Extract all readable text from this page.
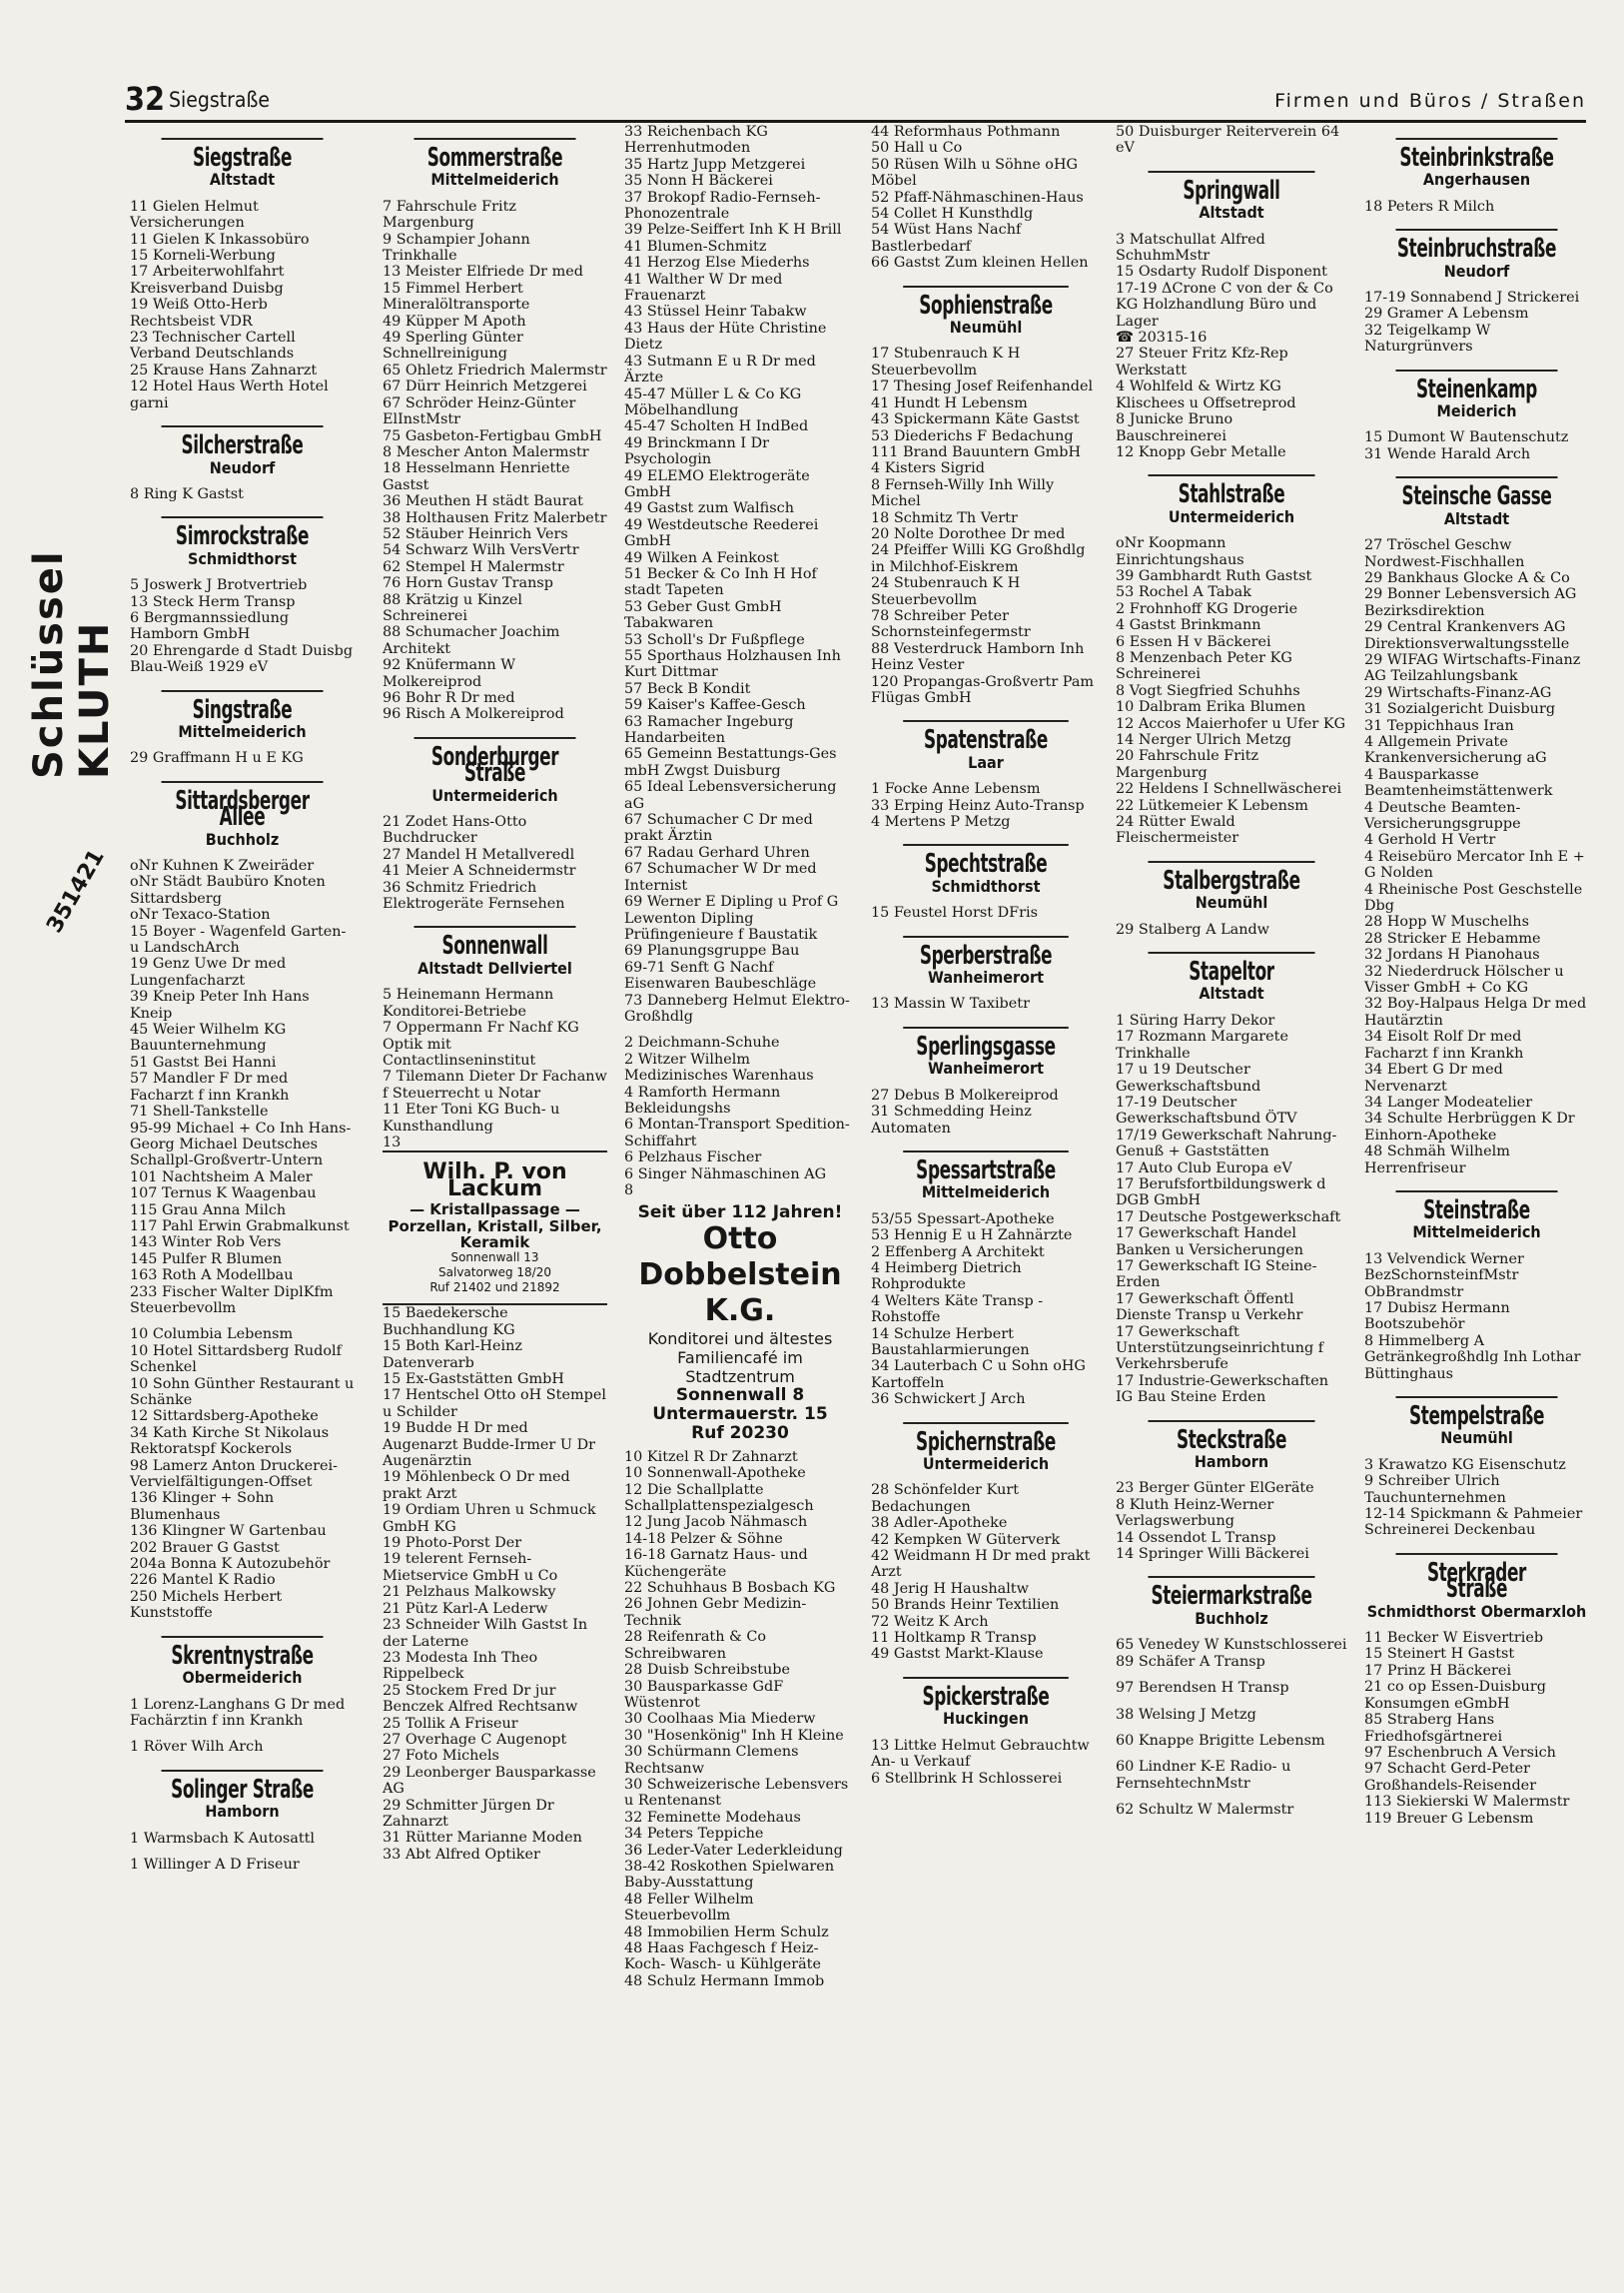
32 Siegstraße	Firmen und Büros / Straßen
Schlüssel KLUTH
351421
Siegstraße
Altstadt
11 Gielen Helmut Versicherungen
11 Gielen K Inkassobüro
15 Korneli-Werbung
17 Arbeiterwohlfahrt Kreisverband Duisbg
19 Weiß Otto-Herb Rechtsbeist VDR
23 Technischer Cartell Verband Deutschlands
25 Krause Hans Zahnarzt
12 Hotel Haus Werth Hotel garni
Silcherstraße
Neudorf
8 Ring K Gastst
Simrockstraße
Schmidthorst
5 Joswerk J Brotvertrieb
13 Steck Herm Transp
6 Bergmannssiedlung Hamborn GmbH
20 Ehrengarde d Stadt Duisbg Blau-Weiß 1929 eV
Singstraße
Mittelmeiderich
29 Graffmann H u E KG
Sittardsberger Allee
Buchholz
oNr Kuhnen K Zweiräder
oNr Städt Baubüro Knoten Sittardsberg
oNr Texaco-Station
15 Boyer - Wagenfeld Garten- u LandschArch
19 Genz Uwe Dr med Lungenfacharzt
39 Kneip Peter Inh Hans Kneip
45 Weier Wilhelm KG Bauunternehmung
51 Gastst Bei Hanni
57 Mandler F Dr med Facharzt f inn Krankh
71 Shell-Tankstelle
95-99 Michael + Co Inh Hans-Georg Michael Deutsches Schallpl-Großvertr-Untern
101 Nachtsheim A Maler
107 Ternus K Waagenbau
115 Grau Anna Milch
117 Pahl Erwin Grabmalkunst
143 Winter Rob Vers
145 Pulfer R Blumen
163 Roth A Modellbau
233 Fischer Walter DiplKfm Steuerbevollm
10 Columbia Lebensm
10 Hotel Sittardsberg Rudolf Schenkel
10 Sohn Günther Restaurant u Schänke
12 Sittardsberg-Apotheke
34 Kath Kirche St Nikolaus Rektoratspf Kockerols
98 Lamerz Anton Druckerei-Vervielfältigungen-Offset
136 Klinger + Sohn Blumenhaus
136 Klingner W Gartenbau
202 Brauer G Gastst
204a Bonna K Autozubehör
226 Mantel K Radio
250 Michels Herbert Kunststoffe
Skrentnystraße
Obermeiderich
1 Lorenz-Langhans G Dr med Fachärztin f inn Krankh
1 Röver Wilh Arch
Solinger Straße
Hamborn
1 Warmsbach K Autosattl
1 Willinger A D Friseur
Sommerstraße
Mittelmeiderich
7 Fahrschule Fritz Margenburg
9 Schampier Johann Trinkhalle
13 Meister Elfriede Dr med
15 Fimmel Herbert Mineralöltransporte
49 Küpper M Apoth
49 Sperling Günter Schnellreinigung
65 Ohletz Friedrich Malermstr
67 Dürr Heinrich Metzgerei
67 Schröder Heinz-Günter ElInstMstr
75 Gasbeton-Fertigbau GmbH
8 Mescher Anton Malermstr
18 Hesselmann Henriette Gastst
36 Meuthen H städt Baurat
38 Holthausen Fritz Malerbetr
52 Stäuber Heinrich Vers
54 Schwarz Wilh VersVertr
62 Stempel H Malermstr
76 Horn Gustav Transp
88 Krätzig u Kinzel Schreinerei
88 Schumacher Joachim Architekt
92 Knüfermann W Molkereiprod
96 Bohr R Dr med
96 Risch A Molkereiprod
Sonderburger Straße
Untermeiderich
21 Zodet Hans-Otto Buchdrucker
27 Mandel H Metallveredl
41 Meier A Schneidermstr
36 Schmitz Friedrich Elektrogeräte Fernsehen
Sonnenwall
Altstadt Dellviertel
5 Heinemann Hermann Konditorei-Betriebe
7 Oppermann Fr Nachf KG Optik mit Contactlinseninstitut
7 Tilemann Dieter Dr Fachanw f Steuerrecht u Notar
11 Eter Toni KG Buch- u Kunsthandlung
13
Wilh. P. von Lackum
— Kristallpassage —
Porzellan, Kristall, Silber, Keramik
Sonnenwall 13
Salvatorweg 18/20
Ruf 21402 und 21892
15 Baedekersche Buchhandlung KG
15 Both Karl-Heinz Datenverarb
15 Ex-Gaststätten GmbH
17 Hentschel Otto oH Stempel u Schilder
19 Budde H Dr med Augenarzt Budde-Irmer U Dr Augenärztin
19 Möhlenbeck O Dr med prakt Arzt
19 Ordiam Uhren u Schmuck GmbH KG
19 Photo-Porst Der
19 telerent Fernseh-Mietservice GmbH u Co
21 Pelzhaus Malkowsky
21 Pütz Karl-A Lederw
23 Schneider Wilh Gastst In der Laterne
23 Modesta Inh Theo Rippelbeck
25 Stockem Fred Dr jur Benczek Alfred Rechtsanw
25 Tollik A Friseur
27 Overhage C Augenopt
27 Foto Michels
29 Leonberger Bausparkasse AG
29 Schmitter Jürgen Dr Zahnarzt
31 Rütter Marianne Moden
33 Abt Alfred Optiker
33 Reichenbach KG Herrenhutmoden
35 Hartz Jupp Metzgerei
35 Nonn H Bäckerei
37 Brokopf Radio-Fernseh-Phonozentrale
39 Pelze-Seiffert Inh K H Brill
41 Blumen-Schmitz
41 Herzog Else Miederhs
41 Walther W Dr med Frauenarzt
43 Stüssel Heinr Tabakw
43 Haus der Hüte Christine Dietz
43 Sutmann E u R Dr med Ärzte
45-47 Müller L & Co KG Möbelhandlung
45-47 Scholten H IndBed
49 Brinckmann I Dr Psychologin
49 ELEMO Elektrogeräte GmbH
49 Gastst zum Walfisch
49 Westdeutsche Reederei GmbH
49 Wilken A Feinkost
51 Becker & Co Inh H Hof stadt Tapeten
53 Geber Gust GmbH Tabakwaren
53 Scholl's Dr Fußpflege
55 Sporthaus Holzhausen Inh Kurt Dittmar
57 Beck B Kondit
59 Kaiser's Kaffee-Gesch
63 Ramacher Ingeburg Handarbeiten
65 Gemeinn Bestattungs-Ges mbH Zwgst Duisburg
65 Ideal Lebensversicherung aG
67 Schumacher C Dr med prakt Ärztin
67 Radau Gerhard Uhren
67 Schumacher W Dr med Internist
69 Werner E Dipling u Prof G Lewenton Dipling Prüfingenieure f Baustatik
69 Planungsgruppe Bau
69-71 Senft G Nachf Eisenwaren Baubeschläge
73 Danneberg Helmut Elektro-Großhdlg
2 Deichmann-Schuhe
2 Witzer Wilhelm Medizinisches Warenhaus
4 Ramforth Hermann Bekleidungshs
6 Montan-Transport Spedition-Schiffahrt
6 Pelzhaus Fischer
6 Singer Nähmaschinen AG
8
Seit über 112 Jahren!
Otto
Dobbelstein K.G.
Konditorei und ältestes Familiencafé im Stadtzentrum
Sonnenwall 8 Untermauerstr. 15
Ruf 20230
10 Kitzel R Dr Zahnarzt
10 Sonnenwall-Apotheke
12 Die Schallplatte Schallplattenspezialgesch
12 Jung Jacob Nähmasch
14-18 Pelzer & Söhne
16-18 Garnatz Haus- und Küchengeräte
22 Schuhhaus B Bosbach KG
26 Johnen Gebr Medizin-Technik
28 Reifenrath & Co Schreibwaren
28 Duisb Schreibstube
30 Bausparkasse GdF Wüstenrot
30 Coolhaas Mia Miederw
30 "Hosenkönig" Inh H Kleine
30 Schürmann Clemens Rechtsanw
30 Schweizerische Lebensvers u Rentenanst
32 Feminette Modehaus
34 Peters Teppiche
36 Leder-Vater Lederkleidung
38-42 Roskothen Spielwaren Baby-Ausstattung
48 Feller Wilhelm Steuerbevollm
48 Immobilien Herm Schulz
48 Haas Fachgesch f Heiz- Koch- Wasch- u Kühlgeräte
48 Schulz Hermann Immob
44 Reformhaus Pothmann
50 Hall u Co
50 Rüsen Wilh u Söhne oHG Möbel
52 Pfaff-Nähmaschinen-Haus
54 Collet H Kunsthdlg
54 Wüst Hans Nachf Bastlerbedarf
66 Gastst Zum kleinen Hellen
Sophienstraße
Neumühl
17 Stubenrauch K H Steuerbevollm
17 Thesing Josef Reifenhandel
41 Hundt H Lebensm
43 Spickermann Käte Gastst
53 Diederichs F Bedachung
111 Brand Bauuntern GmbH
4 Kisters Sigrid
8 Fernseh-Willy Inh Willy Michel
18 Schmitz Th Vertr
20 Nolte Dorothee Dr med
24 Pfeiffer Willi KG Großhdlg in Milchhof-Eiskrem
24 Stubenrauch K H Steuerbevollm
78 Schreiber Peter Schornsteinfegermstr
88 Vesterdruck Hamborn Inh Heinz Vester
120 Propangas-Großvertr Pam Flügas GmbH
Spatenstraße
Laar
1 Focke Anne Lebensm
33 Erping Heinz Auto-Transp
4 Mertens P Metzg
Spechtstraße
Schmidthorst
15 Feustel Horst DFris
Sperberstraße
Wanheimerort
13 Massin W Taxibetr
Sperlingsgasse
Wanheimerort
27 Debus B Molkereiprod
31 Schmedding Heinz Automaten
Spessartstraße
Mittelmeiderich
53/55 Spessart-Apotheke
53 Hennig E u H Zahnärzte
2 Effenberg A Architekt
4 Heimberg Dietrich Rohprodukte
4 Welters Käte Transp - Rohstoffe
14 Schulze Herbert Baustahlarmierungen
34 Lauterbach C u Sohn oHG Kartoffeln
36 Schwickert J Arch
Spichernstraße
Untermeiderich
28 Schönfelder Kurt Bedachungen
38 Adler-Apotheke
42 Kempken W Güterverk
42 Weidmann H Dr med prakt Arzt
48 Jerig H Haushaltw
50 Brands Heinr Textilien
72 Weitz K Arch
11 Holtkamp R Transp
49 Gastst Markt-Klause
Spickerstraße
Huckingen
13 Littke Helmut Gebrauchtw An- u Verkauf
6 Stellbrink H Schlosserei
50 Duisburger Reiterverein 64 eV
Springwall
Altstadt
3 Matschullat Alfred SchuhmMstr
15 Osdarty Rudolf Disponent
17-19 ΔCrone C von der & Co KG Holzhandlung Büro und Lager
☎ 20315-16
27 Steuer Fritz Kfz-Rep Werkstatt
4 Wohlfeld & Wirtz KG Klischees u Offsetreprod
8 Junicke Bruno Bauschreinerei
12 Knopp Gebr Metalle
Stahlstraße
Untermeiderich
oNr Koopmann Einrichtungshaus
39 Gambhardt Ruth Gastst
53 Rochel A Tabak
2 Frohnhoff KG Drogerie
4 Gastst Brinkmann
6 Essen H v Bäckerei
8 Menzenbach Peter KG Schreinerei
8 Vogt Siegfried Schuhhs
10 Dalbram Erika Blumen
12 Accos Maierhofer u Ufer KG
14 Nerger Ulrich Metzg
20 Fahrschule Fritz Margenburg
22 Heldens I Schnellwäscherei
22 Lütkemeier K Lebensm
24 Rütter Ewald Fleischermeister
Stalbergstraße
Neumühl
29 Stalberg A Landw
Stapeltor
Altstadt
1 Süring Harry Dekor
17 Rozmann Margarete Trinkhalle
17 u 19 Deutscher Gewerkschaftsbund
17-19 Deutscher Gewerkschaftsbund ÖTV
17/19 Gewerkschaft Nahrung-Genuß + Gaststätten
17 Auto Club Europa eV
17 Berufsfortbildungswerk d DGB GmbH
17 Deutsche Postgewerkschaft
17 Gewerkschaft Handel Banken u Versicherungen
17 Gewerkschaft IG Steine-Erden
17 Gewerkschaft Öffentl Dienste Transp u Verkehr
17 Gewerkschaft Unterstützungseinrichtung f Verkehrsberufe
17 Industrie-Gewerkschaften IG Bau Steine Erden
Steckstraße
Hamborn
23 Berger Günter ElGeräte
8 Kluth Heinz-Werner Verlagswerbung
14 Ossendot L Transp
14 Springer Willi Bäckerei
Steiermarkstraße
Buchholz
65 Venedey W Kunstschlosserei
89 Schäfer A Transp
97 Berendsen H Transp
38 Welsing J Metzg
60 Knappe Brigitte Lebensm
60 Lindner K-E Radio- u FernsehtechnMstr
62 Schultz W Malermstr
Steinbrinkstraße
Angerhausen
18 Peters R Milch
Steinbruchstraße
Neudorf
17-19 Sonnabend J Strickerei
29 Gramer A Lebensm
32 Teigelkamp W Naturgrünvers
Steinenkamp
Meiderich
15 Dumont W Bautenschutz
31 Wende Harald Arch
Steinsche Gasse
Altstadt
27 Tröschel Geschw Nordwest-Fischhallen
29 Bankhaus Glocke A & Co
29 Bonner Lebensversich AG Bezirksdirektion
29 Central Krankenvers AG Direktionsverwaltungsstelle
29 WIFAG Wirtschafts-Finanz AG Teilzahlungsbank
29 Wirtschafts-Finanz-AG
31 Sozialgericht Duisburg
31 Teppichhaus Iran
4 Allgemein Private Krankenversicherung aG
4 Bausparkasse Beamtenheimstättenwerk
4 Deutsche Beamten-Versicherungsgruppe
4 Gerhold H Vertr
4 Reisebüro Mercator Inh E + G Nolden
4 Rheinische Post Geschstelle Dbg
28 Hopp W Muschelhs
28 Stricker E Hebamme
32 Jordans H Pianohaus
32 Niederdruck Hölscher u Visser GmbH + Co KG
32 Boy-Halpaus Helga Dr med Hautärztin
34 Eisolt Rolf Dr med Facharzt f inn Krankh
34 Ebert G Dr med Nervenarzt
34 Langer Modeatelier
34 Schulte Herbrüggen K Dr Einhorn-Apotheke
48 Schmäh Wilhelm Herrenfriseur
Steinstraße
Mittelmeiderich
13 Velvendick Werner BezSchornsteinfMstr ObBrandmstr
17 Dubisz Hermann Bootszubehör
8 Himmelberg A Getränkegroßhdlg Inh Lothar Büttinghaus
Stempelstraße
Neumühl
3 Krawatzo KG Eisenschutz
9 Schreiber Ulrich Tauchunternehmen
12-14 Spickmann & Pahmeier Schreinerei Deckenbau
Sterkrader Straße
Schmidthorst Obermarxloh
11 Becker W Eisvertrieb
15 Steinert H Gastst
17 Prinz H Bäckerei
21 co op Essen-Duisburg Konsumgen eGmbH
85 Straberg Hans Friedhofsgärtnerei
97 Eschenbruch A Versich
97 Schacht Gerd-Peter Großhandels-Reisender
113 Siekierski W Malermstr
119 Breuer G Lebensm
